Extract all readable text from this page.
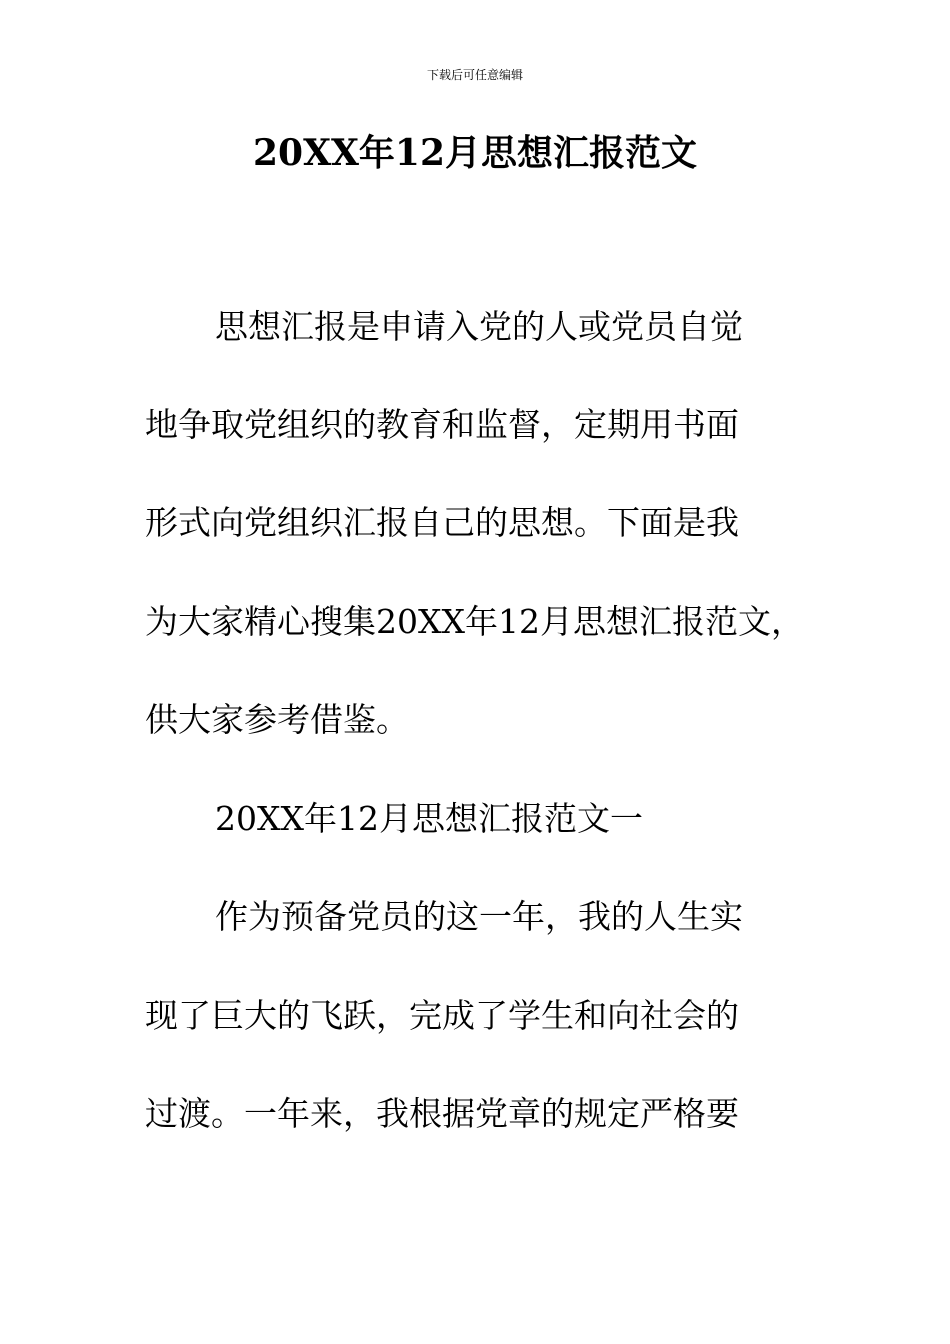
下载后可任意编辑
20XX年12月思想汇报范文
思想汇报是申请入党的人或党员自觉
地争取党组织的教育和监督，定期用书面
形式向党组织汇报自己的思想。下面是我
为大家精心搜集20XX年12月思想汇报范文，
供大家参考借鉴。
20XX年12月思想汇报范文一
作为预备党员的这一年，我的人生实
现了巨大的飞跃，完成了学生和向社会的
过渡。一年来，我根据党章的规定严格要
